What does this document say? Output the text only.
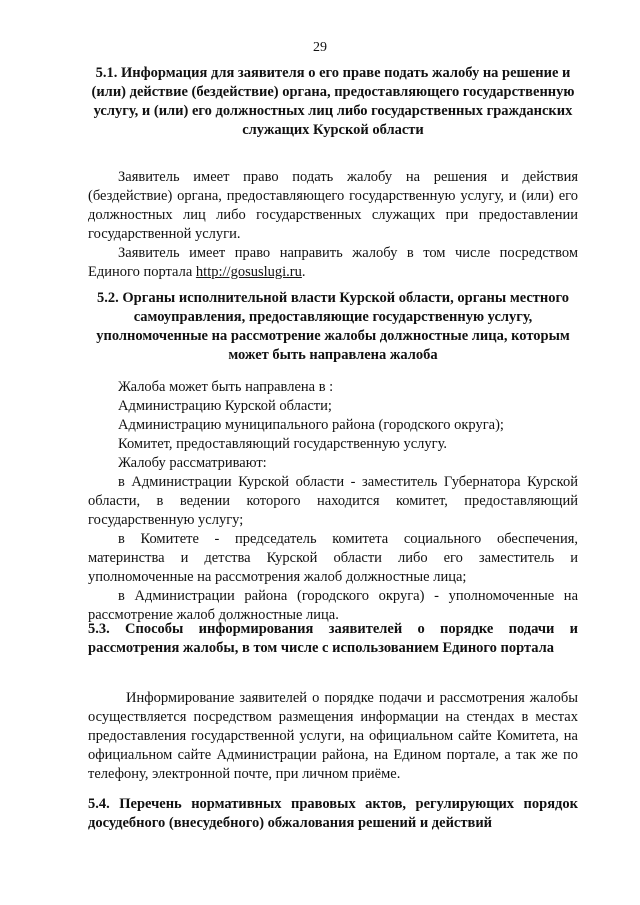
29
5.1. Информация для заявителя о его праве подать жалобу на решение и (или) действие (бездействие) органа, предоставляющего государственную услугу, и (или) его должностных лиц либо государственных гражданских служащих Курской области

Заявитель имеет право подать жалобу на решения и действия (бездействие) органа, предоставляющего государственную услугу, и (или) его должностных лиц либо государственных служащих при предоставлении государственной услуги.

Заявитель имеет право направить жалобу в том числе посредством Единого портала http://gosuslugi.ru.

5.2. Органы исполнительной власти Курской области, органы местного самоуправления, предоставляющие государственную услугу, уполномоченные на рассмотрение жалобы должностные лица, которым может быть направлена жалоба

Жалоба может быть направлена в :

Администрацию Курской области;

Администрацию муниципального района (городского округа);

Комитет, предоставляющий государственную услугу.

Жалобу рассматривают:

в Администрации Курской области - заместитель Губернатора Курской области, в ведении которого находится комитет, предоставляющий государственную услугу;

в Комитете - председатель комитета социального обеспечения, материнства и детства Курской области либо его заместитель и уполномоченные на рассмотрения жалоб должностные лица;

в Администрации района (городского округа) - уполномоченные на рассмотрение жалоб должностные лица.

5.3. Способы информирования заявителей о порядке подачи и рассмотрения жалобы, в том числе с использованием Единого портала

Информирование заявителей о порядке подачи и рассмотрения жалобы осуществляется посредством размещения информации на стендах в местах предоставления государственной услуги, на официальном сайте Комитета, на официальном сайте Администрации района, на Едином портале, а так же по телефону, электронной почте, при личном приёме.

5.4. Перечень нормативных правовых актов, регулирующих порядок досудебного (внесудебного) обжалования решений и действий
